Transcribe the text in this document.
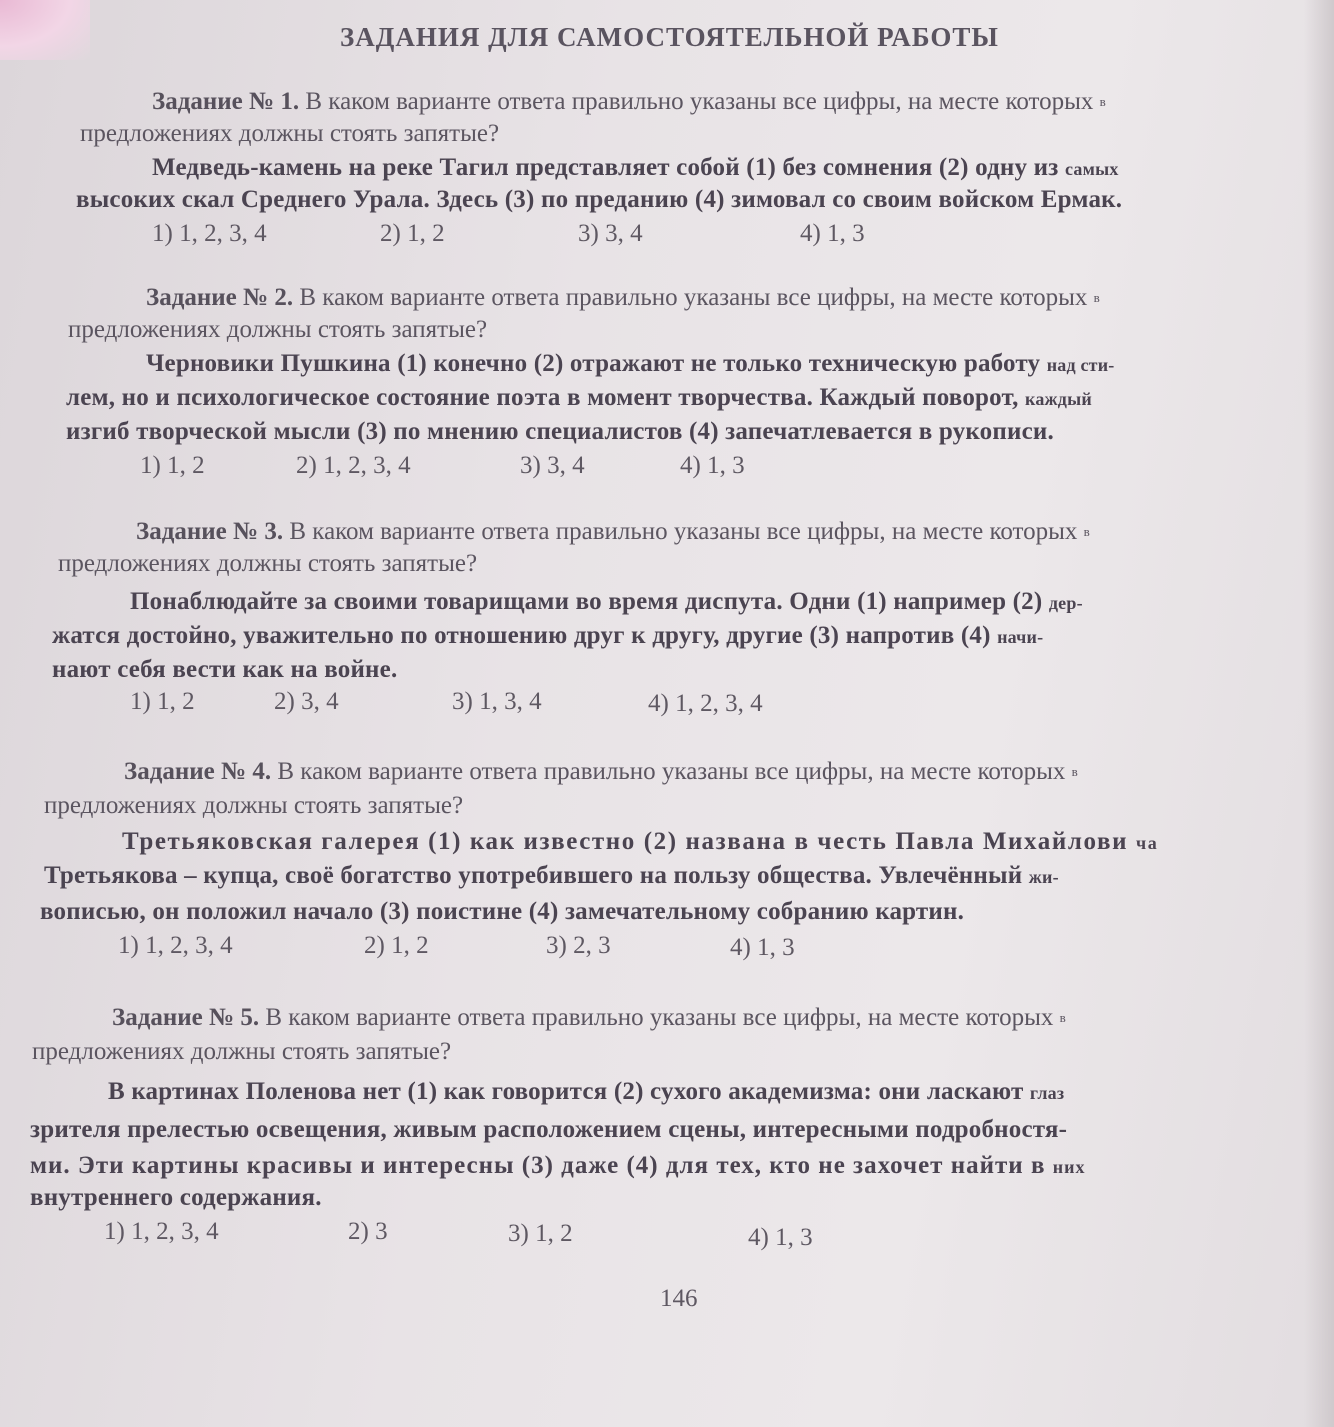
ЗАДАНИЯ ДЛЯ САМОСТОЯТЕЛЬНОЙ РАБОТЫ
Задание № 1. В каком варианте ответа правильно указаны все цифры, на месте которых в
предложениях должны стоять запятые?
Медведь-камень на реке Тагил представляет собой (1) без сомнения (2) одну из самых
высоких скал Среднего Урала. Здесь (3) по преданию (4) зимовал со своим войском Ермак.
1) 1, 2, 3, 4	2) 1, 2	3) 3, 4	4) 1, 3
Задание № 2. В каком варианте ответа правильно указаны все цифры, на месте которых в
предложениях должны стоять запятые?
Черновики Пушкина (1) конечно (2) отражают не только техническую работу над сти-
лем, но и психологическое состояние поэта в момент творчества. Каждый поворот, каждый
изгиб творческой мысли (3) по мнению специалистов (4) запечатлевается в рукописи.
1) 1, 2	2) 1, 2, 3, 4	3) 3, 4	4) 1, 3
Задание № 3. В каком варианте ответа правильно указаны все цифры, на месте которых в
предложениях должны стоять запятые?
Понаблюдайте за своими товарищами во время диспута. Одни (1) например (2) дер-
жатся достойно, уважительно по отношению друг к другу, другие (3) напротив (4) начи-
нают себя вести как на войне.
1) 1, 2	2) 3, 4	3) 1, 3, 4	4) 1, 2, 3, 4
Задание № 4. В каком варианте ответа правильно указаны все цифры, на месте которых в
предложениях должны стоять запятые?
Третьяковская галерея (1) как известно (2) названа в честь Павла Михайлови ча
Третьякова – купца, своё богатство употребившего на пользу общества. Увлечённый жи-
вописью, он положил начало (3) поистине (4) замечательному собранию картин.
1) 1, 2, 3, 4	2) 1, 2	3) 2, 3	4) 1, 3
Задание № 5. В каком варианте ответа правильно указаны все цифры, на месте которых в
предложениях должны стоять запятые?
В картинах Поленова нет (1) как говорится (2) сухого академизма: они ласкают глаз
зрителя прелестью освещения, живым расположением сцены, интересными подробностя-
ми. Эти картины красивы и интересны (3) даже (4) для тех, кто не захочет найти в них
внутреннего содержания.
1) 1, 2, 3, 4	2) 3	3) 1, 2	4) 1, 3
146
